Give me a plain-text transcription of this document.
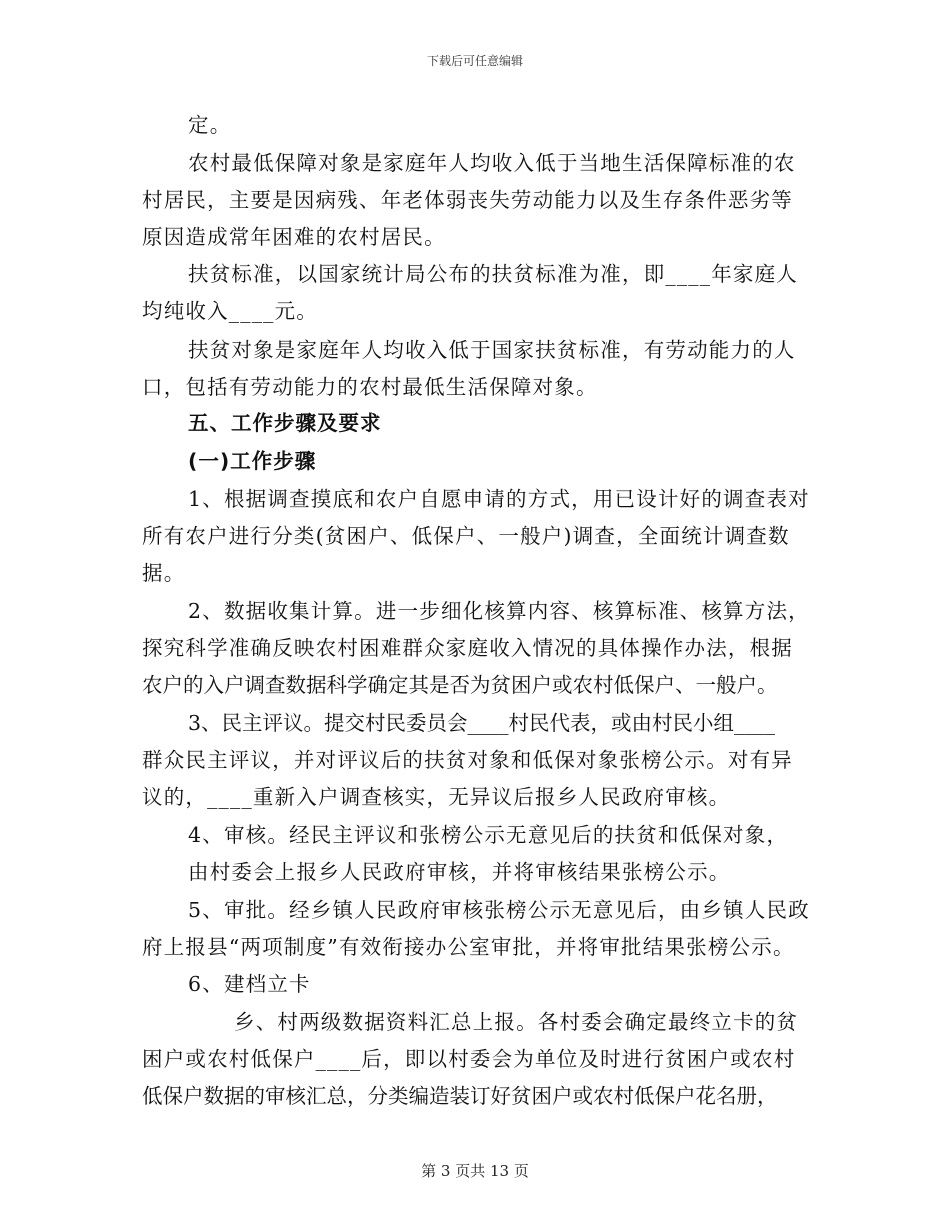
下载后可任意编辑
定。
农村最低保障对象是家庭年人均收入低于当地生活保障标准的农
村居民，主要是因病残、年老体弱丧失劳动能力以及生存条件恶劣等
原因造成常年困难的农村居民。
扶贫标准，以国家统计局公布的扶贫标准为准，即____年家庭人
均纯收入____元。
扶贫对象是家庭年人均收入低于国家扶贫标准，有劳动能力的人
口，包括有劳动能力的农村最低生活保障对象。
五、工作步骤及要求
(一)工作步骤
1、根据调查摸底和农户自愿申请的方式，用已设计好的调查表对
所有农户进行分类(贫困户、低保户、一般户)调查，全面统计调查数
据。
2、数据收集计算。进一步细化核算内容、核算标准、核算方法，
探究科学准确反映农村困难群众家庭收入情况的具体操作办法，根据
农户的入户调查数据科学确定其是否为贫困户或农村低保户、一般户。
3、民主评议。提交村民委员会____村民代表，或由村民小组____
群众民主评议，并对评议后的扶贫对象和低保对象张榜公示。对有异
议的，____重新入户调查核实，无异议后报乡人民政府审核。
4、审核。经民主评议和张榜公示无意见后的扶贫和低保对象，
由村委会上报乡人民政府审核，并将审核结果张榜公示。
5、审批。经乡镇人民政府审核张榜公示无意见后，由乡镇人民政
府上报县“两项制度”有效衔接办公室审批，并将审批结果张榜公示。
6、建档立卡
乡、村两级数据资料汇总上报。各村委会确定最终立卡的贫
困户或农村低保户____后，即以村委会为单位及时进行贫困户或农村
低保户数据的审核汇总，分类编造装订好贫困户或农村低保户花名册，
第 3 页共 13 页
